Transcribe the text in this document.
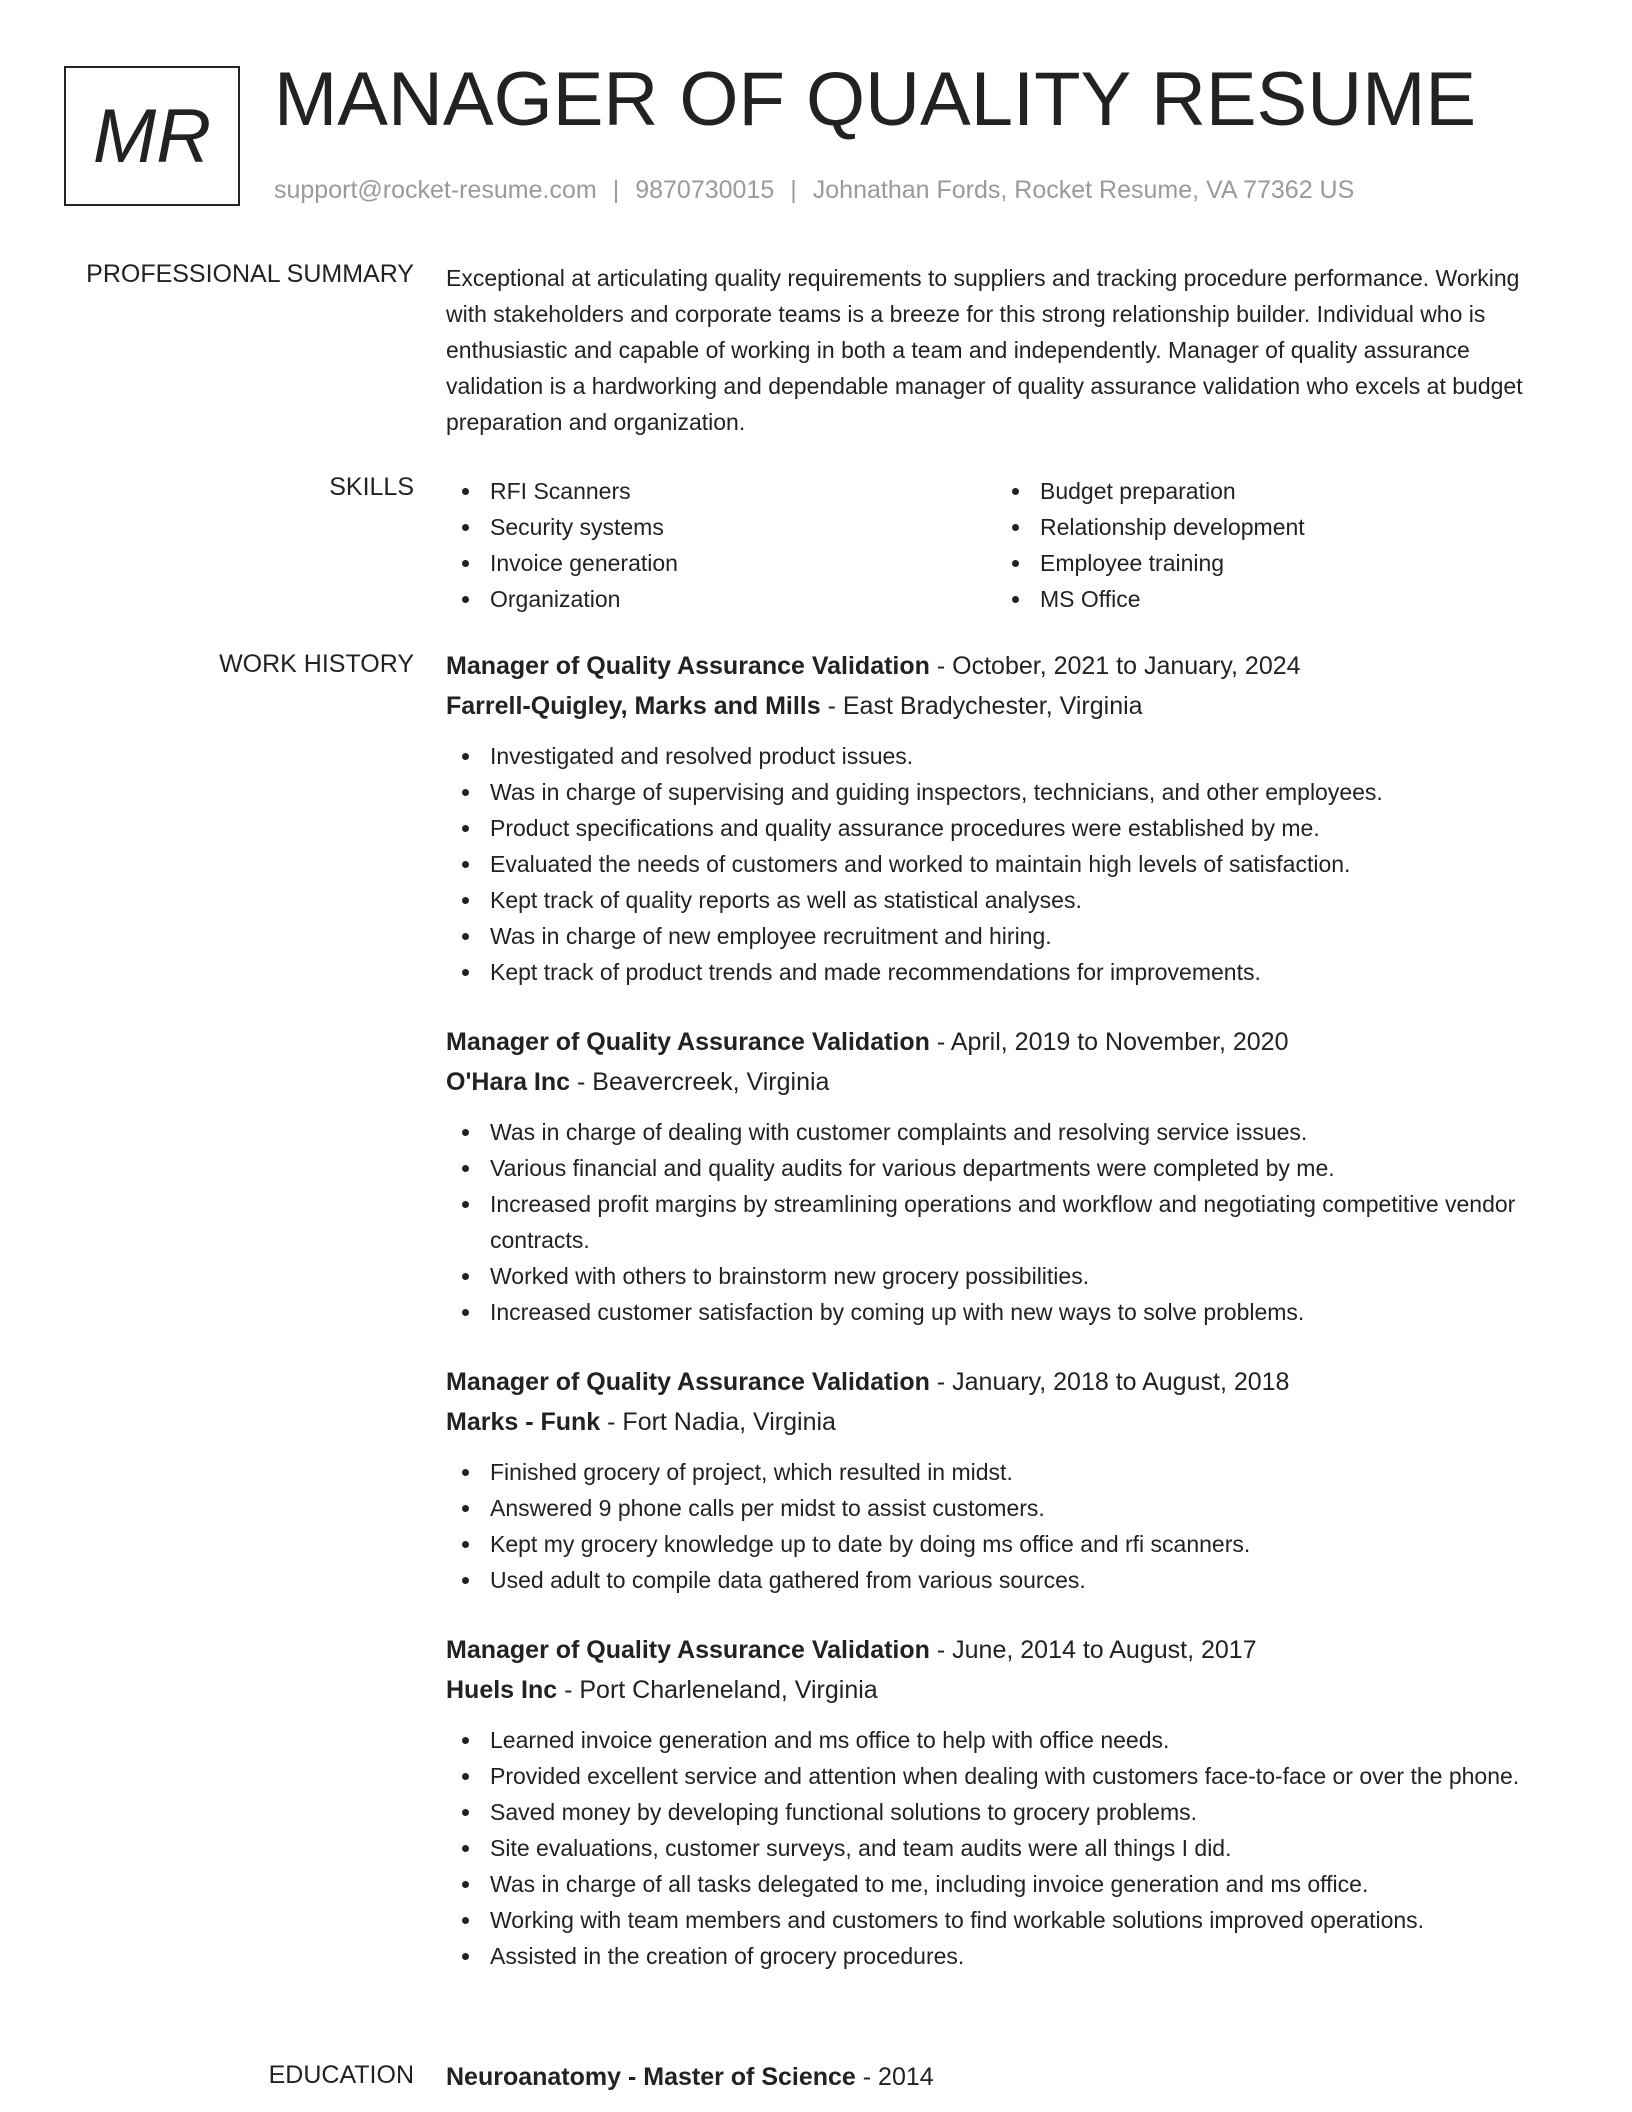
MR MANAGER OF QUALITY RESUME
support@rocket-resume.com | 9870730015 | Johnathan Fords, Rocket Resume, VA 77362 US
PROFESSIONAL SUMMARY Exceptional at articulating quality requirements to suppliers and tracking procedure performance. Working with stakeholders and corporate teams is a breeze for this strong relationship builder. Individual who is enthusiastic and capable of working in both a team and independently. Manager of quality assurance validation is a hardworking and dependable manager of quality assurance validation who excels at budget preparation and organization.

SKILLS	RFI Scanners
Security systems
Invoice generation
Organization
Budget preparation
Relationship development
Employee training
MS Office
WORK HISTORY Manager of Quality Assurance Validation - October, 2021 to January, 2024
Farrell-Quigley, Marks and Mills - East Bradychester, Virginia
Investigated and resolved product issues.
Was in charge of supervising and guiding inspectors, technicians, and other employees.
Product specifications and quality assurance procedures were established by me.
Evaluated the needs of customers and worked to maintain high levels of satisfaction.
Kept track of quality reports as well as statistical analyses.
Was in charge of new employee recruitment and hiring.
Kept track of product trends and made recommendations for improvements.
Manager of Quality Assurance Validation - April, 2019 to November, 2020
O'Hara Inc - Beavercreek, Virginia
Was in charge of dealing with customer complaints and resolving service issues.
Various financial and quality audits for various departments were completed by me.
Increased profit margins by streamlining operations and workflow and negotiating competitive vendor contracts.
Worked with others to brainstorm new grocery possibilities.
Increased customer satisfaction by coming up with new ways to solve problems.
Manager of Quality Assurance Validation - January, 2018 to August, 2018
Marks - Funk - Fort Nadia, Virginia
Finished grocery of project, which resulted in midst.
Answered 9 phone calls per midst to assist customers.
Kept my grocery knowledge up to date by doing ms office and rfi scanners.
Used adult to compile data gathered from various sources.
Manager of Quality Assurance Validation - June, 2014 to August, 2017
Huels Inc - Port Charleneland, Virginia
Learned invoice generation and ms office to help with office needs.
Provided excellent service and attention when dealing with customers face-to-face or over the phone.
Saved money by developing functional solutions to grocery problems.
Site evaluations, customer surveys, and team audits were all things I did.
Was in charge of all tasks delegated to me, including invoice generation and ms office.
Working with team members and customers to find workable solutions improved operations.
Assisted in the creation of grocery procedures.
EDUCATION Neuroanatomy - Master of Science - 2014
